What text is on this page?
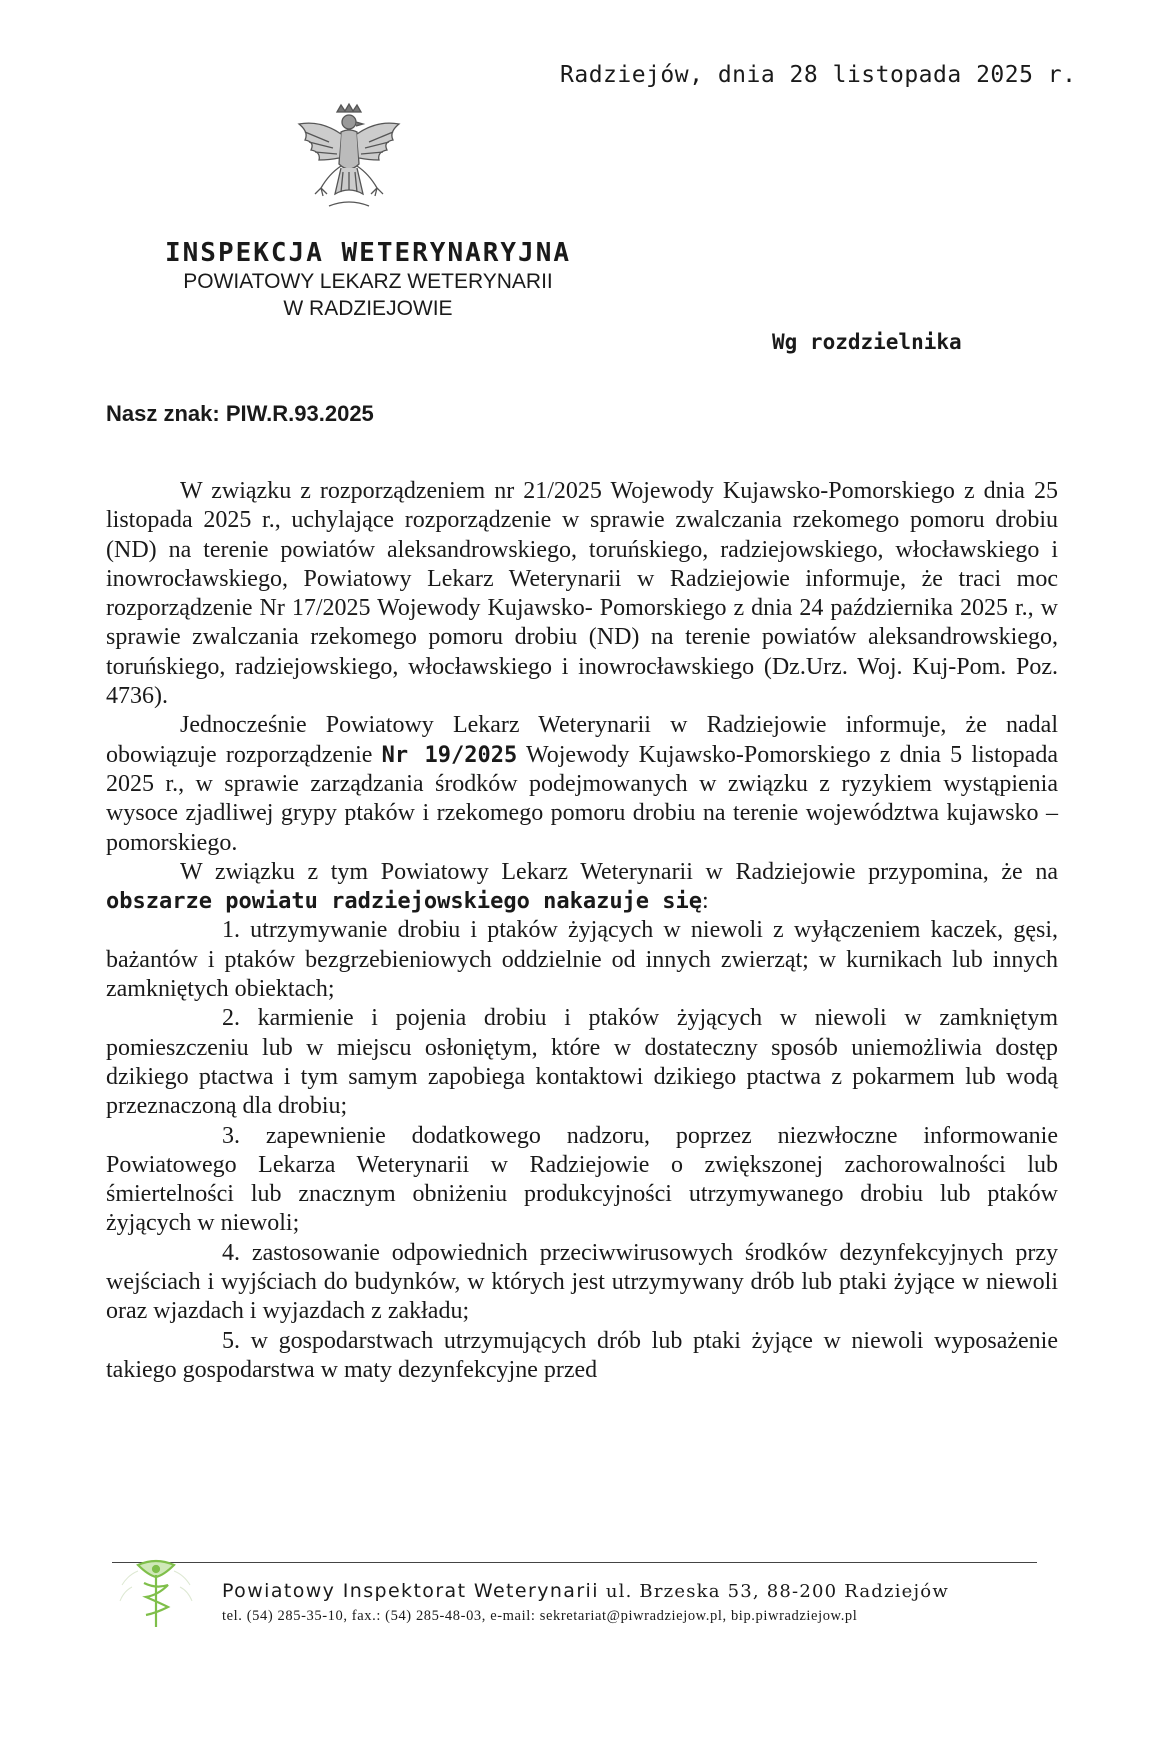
Radziejów, dnia 28 listopada 2025 r.
INSPEKCJA WETERYNARYJNA
POWIATOWY LEKARZ WETERYNARII
W RADZIEJOWIE
Wg rozdzielnika
Nasz znak: PIW.R.93.2025

W związku z rozporządzeniem nr 21/2025 Wojewody Kujawsko-Pomorskiego z dnia 25 listopada 2025 r., uchylające rozporządzenie w sprawie zwalczania rzekomego pomoru drobiu (ND) na terenie powiatów aleksandrowskiego, toruńskiego, radziejowskiego, włocławskiego i inowrocławskiego, Powiatowy Lekarz Weterynarii w Radziejowie informuje, że traci moc rozporządzenie Nr 17/2025 Wojewody Kujawsko- Pomorskiego z dnia 24 października 2025 r., w sprawie zwalczania rzekomego pomoru drobiu (ND) na terenie powiatów aleksandrowskiego, toruńskiego, radziejowskiego, włocławskiego i inowrocławskiego (Dz.Urz. Woj. Kuj-Pom. Poz. 4736).

Jednocześnie Powiatowy Lekarz Weterynarii w Radziejowie informuje, że nadal obowiązuje rozporządzenie Nr 19/2025 Wojewody Kujawsko-Pomorskiego z dnia 5 listopada 2025 r., w sprawie zarządzania środków podejmowanych w związku z ryzykiem wystąpienia wysoce zjadliwej grypy ptaków i rzekomego pomoru drobiu na terenie województwa kujawsko – pomorskiego.

W związku z tym Powiatowy Lekarz Weterynarii w Radziejowie przypomina, że na obszarze powiatu radziejowskiego nakazuje się:

1. utrzymywanie drobiu i ptaków żyjących w niewoli z wyłączeniem kaczek, gęsi, bażantów i ptaków bezgrzebieniowych oddzielnie od innych zwierząt; w kurnikach lub innych zamkniętych obiektach;

2. karmienie i pojenia drobiu i ptaków żyjących w niewoli w zamkniętym pomieszczeniu lub w miejscu osłoniętym, które w dostateczny sposób uniemożliwia dostęp dzikiego ptactwa i tym samym zapobiega kontaktowi dzikiego ptactwa z pokarmem lub wodą przeznaczoną dla drobiu;

3. zapewnienie dodatkowego nadzoru, poprzez niezwłoczne informowanie Powiatowego Lekarza Weterynarii w Radziejowie o zwiększonej zachorowalności lub śmiertelności lub znacznym obniżeniu produkcyjności utrzymywanego drobiu lub ptaków żyjących w niewoli;

4. zastosowanie odpowiednich przeciwwirusowych środków dezynfekcyjnych przy wejściach i wyjściach do budynków, w których jest utrzymywany drób lub ptaki żyjące w niewoli oraz wjazdach i wyjazdach z zakładu;

5. w gospodarstwach utrzymujących drób lub ptaki żyjące w niewoli wyposażenie takiego gospodarstwa w maty dezynfekcyjne przed

Powiatowy Inspektorat Weterynarii ul. Brzeska 53, 88-200 Radziejów
tel. (54) 285-35-10, fax.: (54) 285-48-03, e-mail: sekretariat@piwradziejow.pl, bip.piwradziejow.pl
